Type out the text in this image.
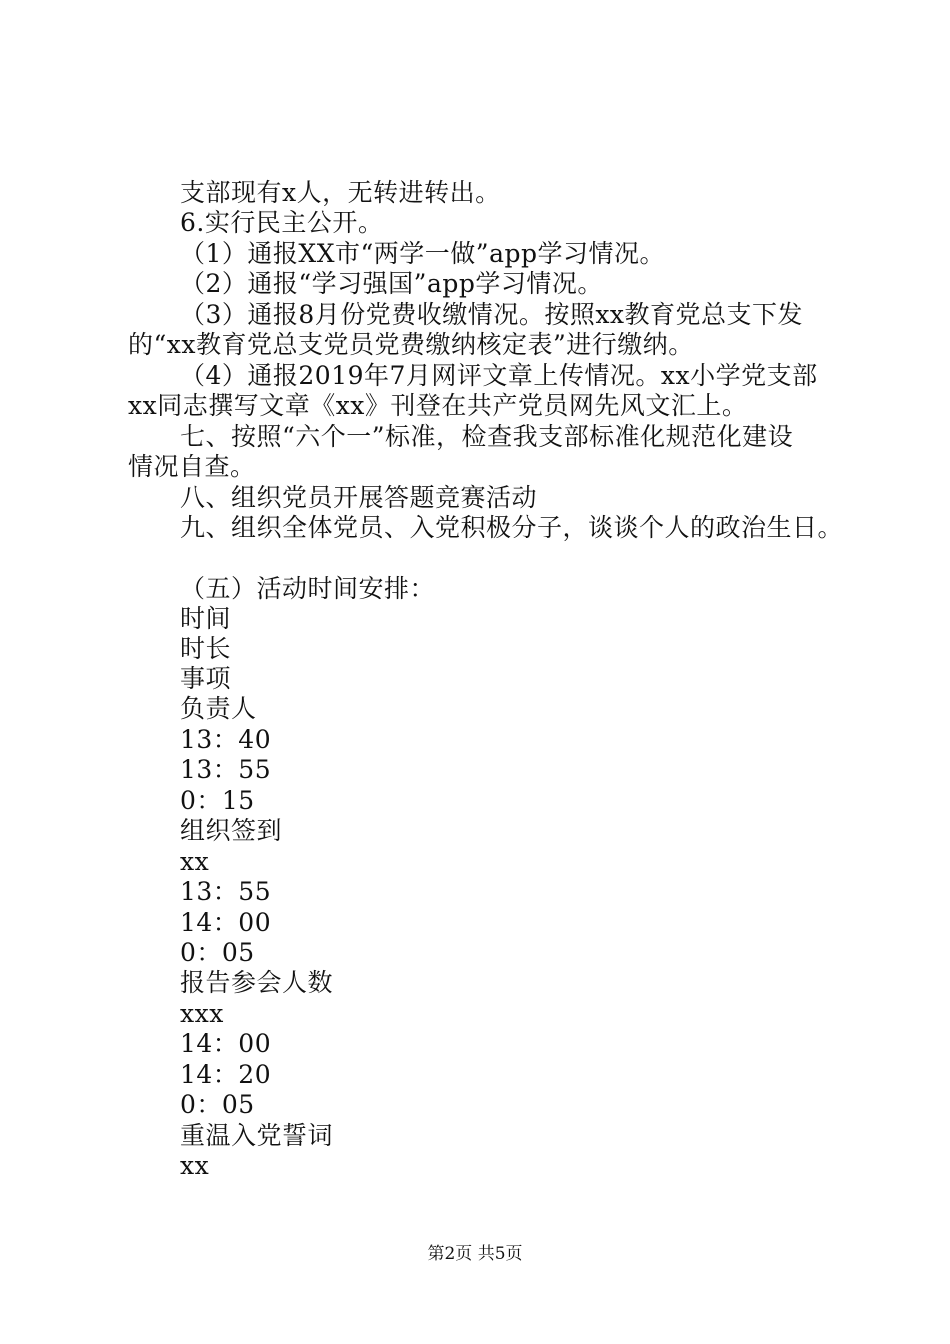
支部现有x人，无转进转出。
6.实行民主公开。
（1）通报XX市“两学一做”app学习情况。
（2）通报“学习强国”app学习情况。
（3）通报8月份党费收缴情况。按照xx教育党总支下发
的“xx教育党总支党员党费缴纳核定表”进行缴纳。
（4）通报2019年7月网评文章上传情况。xx小学党支部
xx同志撰写文章《xx》刊登在共产党员网先风文汇上。
七、按照“六个一”标准，检查我支部标准化规范化建设
情况自查。
八、组织党员开展答题竞赛活动
九、组织全体党员、入党积极分子，谈谈个人的政治生日。
（五）活动时间安排：
时间
时长
事项
负责人
13：40
13：55
0：15
组织签到
xx
13：55
14：00
0：05
报告参会人数
xxx
14：00
14：20
0：05
重温入党誓词
xx
第2页 共5页
